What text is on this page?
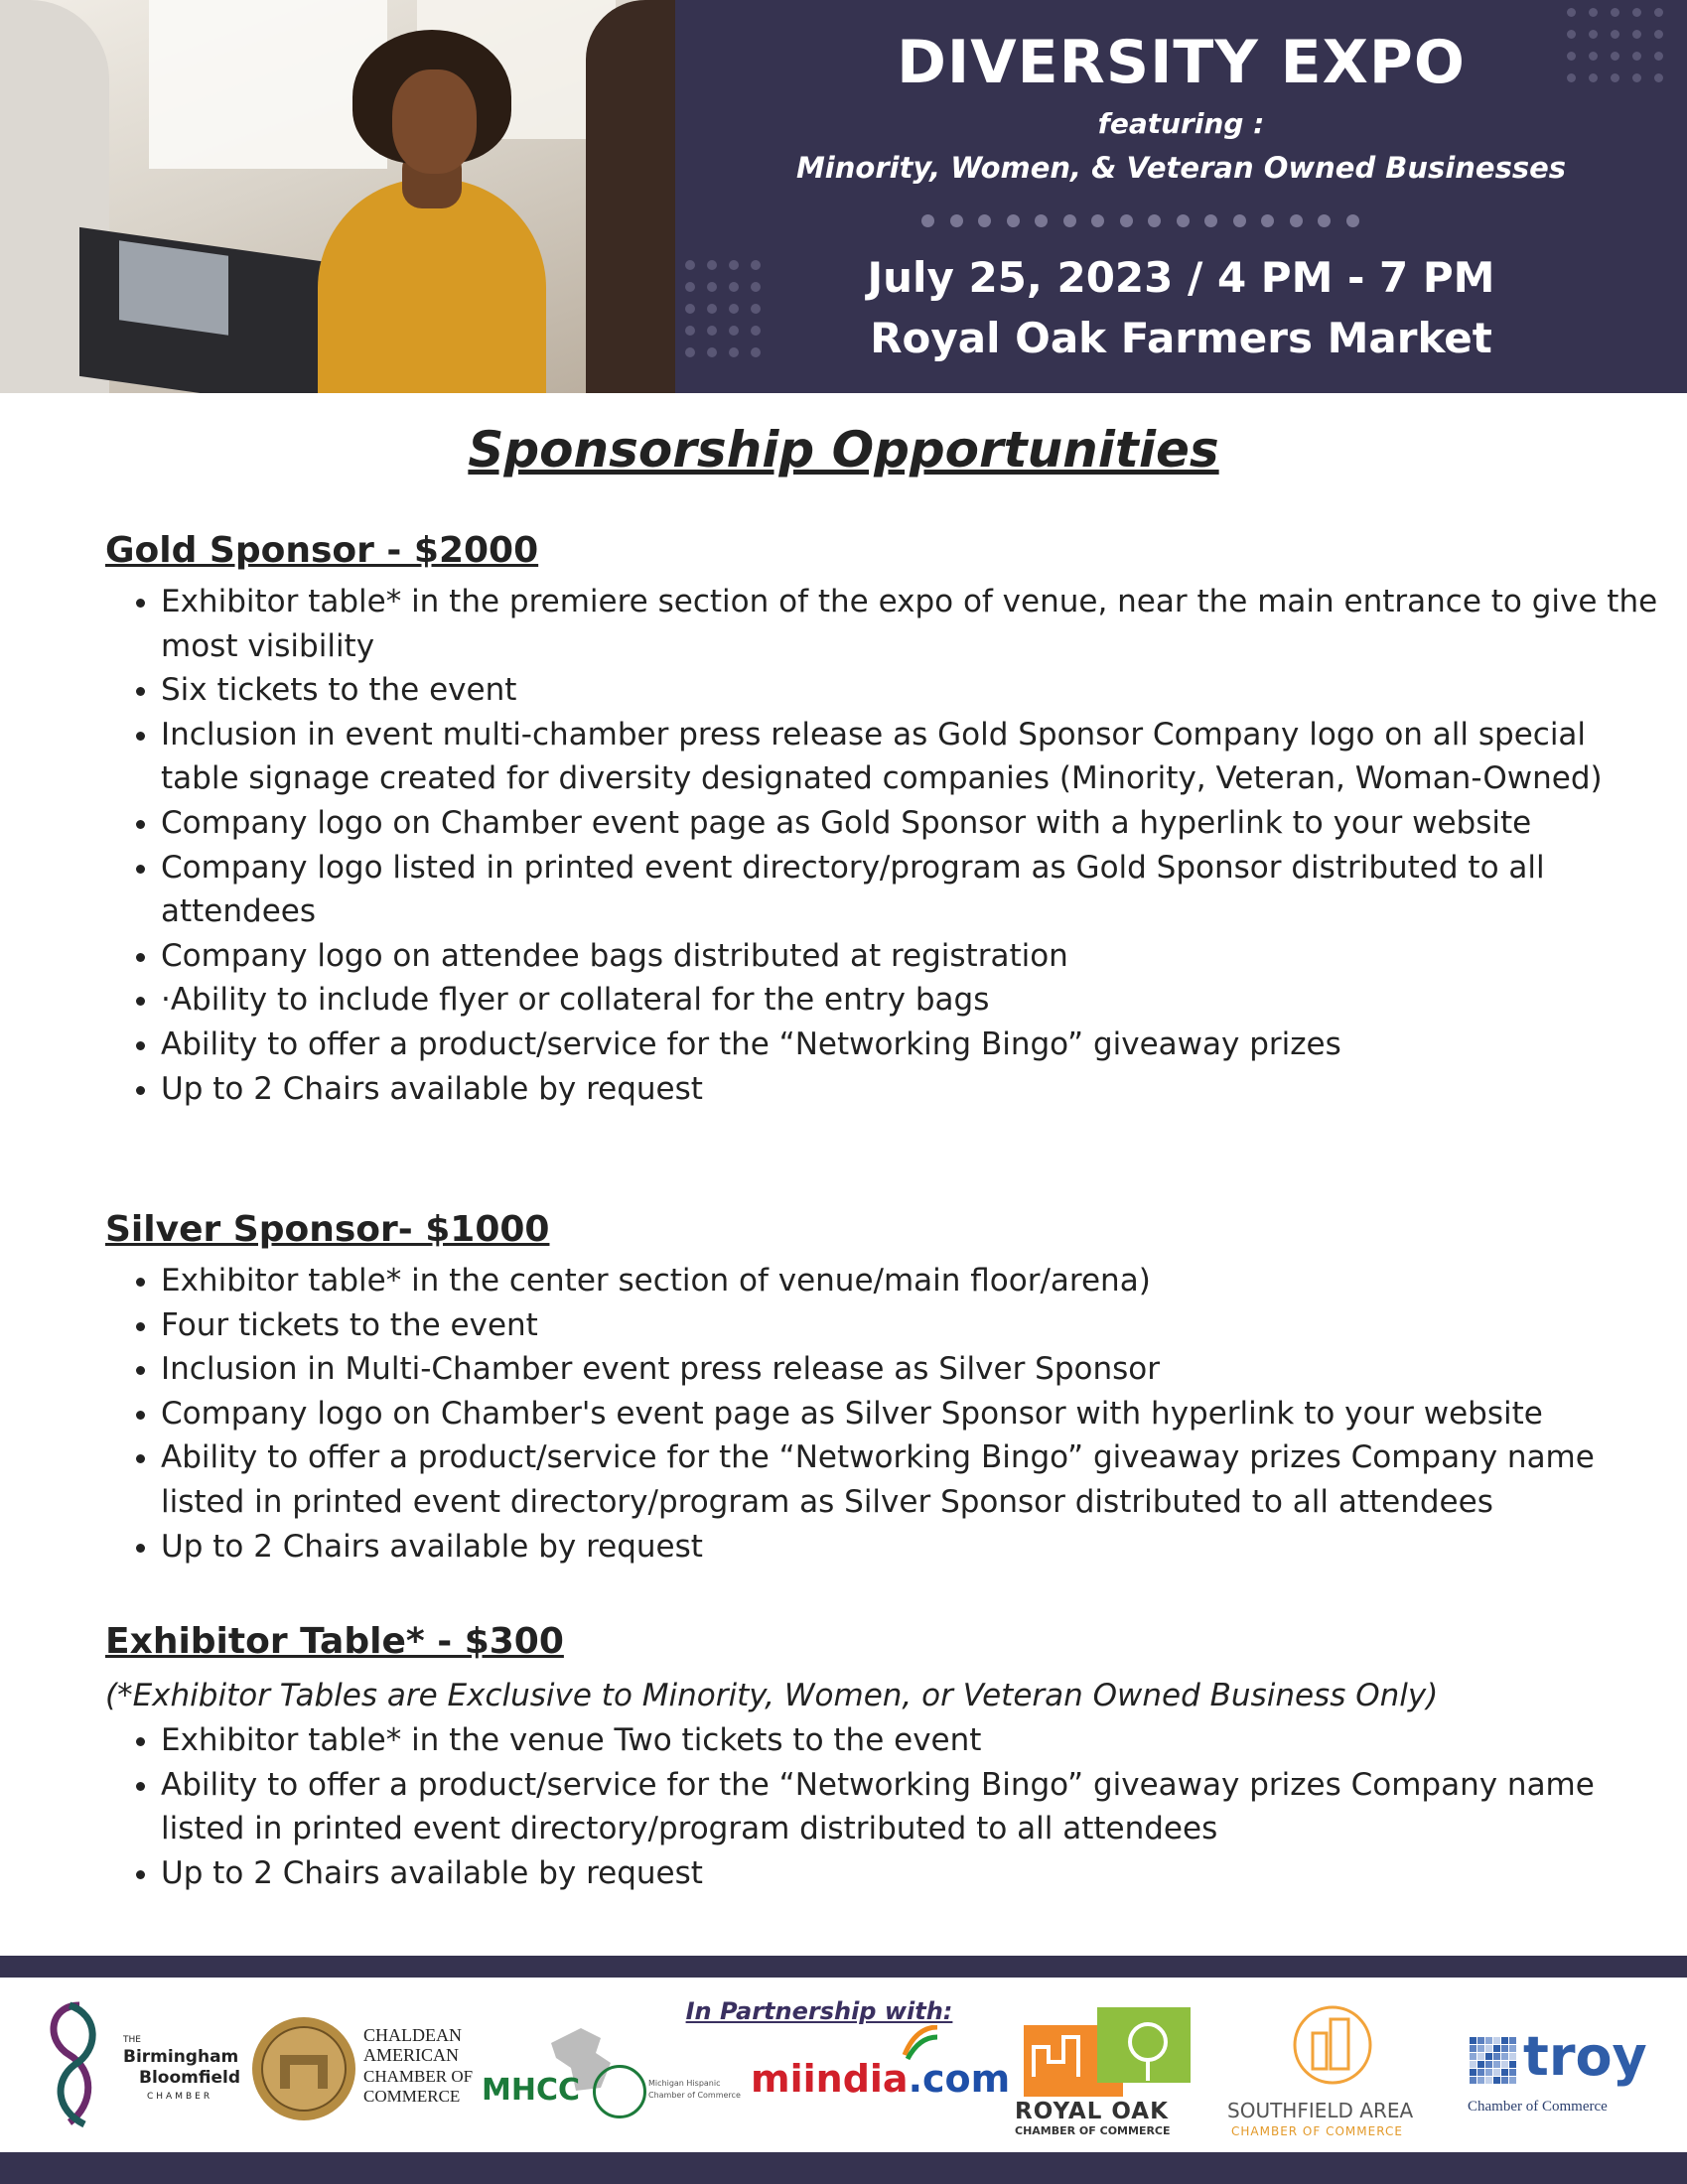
DIVERSITY EXPO
featuring :
Minority, Women, & Veteran Owned Businesses
July 25, 2023 / 4 PM - 7 PM
Royal Oak Farmers Market
Sponsorship Opportunities
Gold Sponsor - $2000
• Exhibitor table* in the premiere section of the expo of venue, near the main entrance to give the most visibility
• Six tickets to the event
• Inclusion in event multi-chamber press release as Gold Sponsor Company logo on all special table signage created for diversity designated companies (Minority, Veteran, Woman-Owned)
• Company logo on Chamber event page as Gold Sponsor with a hyperlink to your website
• Company logo listed in printed event directory/program as Gold Sponsor distributed to all attendees
• Company logo on attendee bags distributed at registration
• ·Ability to include flyer or collateral for the entry bags
• Ability to offer a product/service for the “Networking Bingo” giveaway prizes
• Up to 2 Chairs available by request
Silver Sponsor- $1000
• Exhibitor table* in the center section of venue/main floor/arena)
• Four tickets to the event
• Inclusion in Multi-Chamber event press release as Silver Sponsor
• Company logo on Chamber's event page as Silver Sponsor with hyperlink to your website
• Ability to offer a product/service for the “Networking Bingo” giveaway prizes Company name listed in printed event directory/program as Silver Sponsor distributed to all attendees
• Up to 2 Chairs available by request
Exhibitor Table* - $300
(*Exhibitor Tables are Exclusive to Minority, Women, or Veteran Owned Business Only)
• Exhibitor table* in the venue Two tickets to the event
• Ability to offer a product/service for the “Networking Bingo” giveaway prizes Company name listed in printed event directory/program distributed to all attendees
• Up to 2 Chairs available by request
In Partnership with:
THE
Birmingham
Bloomfield
CHAMBER
CHALDEAN
AMERICAN
CHAMBER OF
COMMERCE MHCC	Michigan Hispanic
Chamber of Commerce miindia.com
ROYAL OAK
CHAMBER OF COMMERCE
SOUTHFIELD AREA
CHAMBER OF COMMERCE
troy
Chamber of Commerce
